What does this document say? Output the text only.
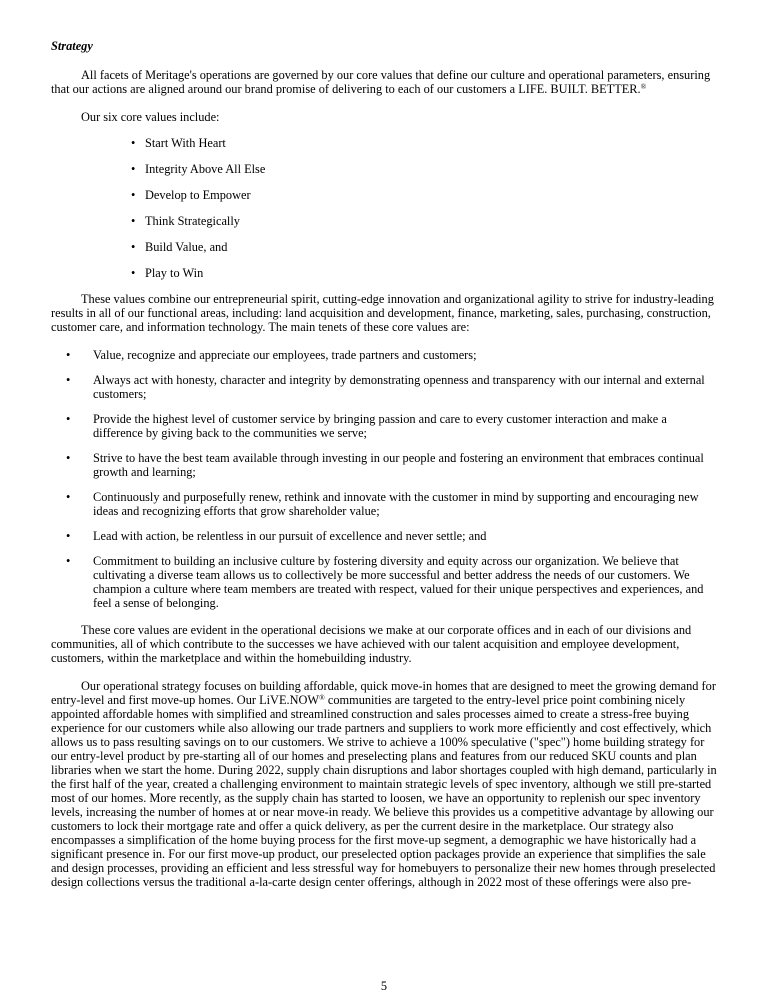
Strategy

All facets of Meritage's operations are governed by our core values that define our culture and operational parameters, ensuring that our actions are aligned around our brand promise of delivering to each of our customers a LIFE. BUILT. BETTER.®

Our six core values include:

• Start With Heart
• Integrity Above All Else
• Develop to Empower
• Think Strategically
• Build Value, and
• Play to Win

These values combine our entrepreneurial spirit, cutting-edge innovation and organizational agility to strive for industry-leading results in all of our functional areas, including: land acquisition and development, finance, marketing, sales, purchasing, construction, customer care, and information technology. The main tenets of these core values are:

• Value, recognize and appreciate our employees, trade partners and customers;
• Always act with honesty, character and integrity by demonstrating openness and transparency with our internal and external customers;
• Provide the highest level of customer service by bringing passion and care to every customer interaction and make a difference by giving back to the communities we serve;
• Strive to have the best team available through investing in our people and fostering an environment that embraces continual growth and learning;
• Continuously and purposefully renew, rethink and innovate with the customer in mind by supporting and encouraging new ideas and recognizing efforts that grow shareholder value;
• Lead with action, be relentless in our pursuit of excellence and never settle; and
• Commitment to building an inclusive culture by fostering diversity and equity across our organization. We believe that cultivating a diverse team allows us to collectively be more successful and better address the needs of our customers. We champion a culture where team members are treated with respect, valued for their unique perspectives and experiences, and feel a sense of belonging.

These core values are evident in the operational decisions we make at our corporate offices and in each of our divisions and communities, all of which contribute to the successes we have achieved with our talent acquisition and employee development, customers, within the marketplace and within the homebuilding industry.

Our operational strategy focuses on building affordable, quick move-in homes that are designed to meet the growing demand for entry-level and first move-up homes. Our LiVE.NOW® communities are targeted to the entry-level price point combining nicely appointed affordable homes with simplified and streamlined construction and sales processes aimed to create a stress-free buying experience for our customers while also allowing our trade partners and suppliers to work more efficiently and cost effectively, which allows us to pass resulting savings on to our customers. We strive to achieve a 100% speculative ("spec") home building strategy for our entry-level product by pre-starting all of our homes and preselecting plans and features from our reduced SKU counts and plan libraries when we start the home. During 2022, supply chain disruptions and labor shortages coupled with high demand, particularly in the first half of the year, created a challenging environment to maintain strategic levels of spec inventory, although we still pre-started most of our homes. More recently, as the supply chain has started to loosen, we have an opportunity to replenish our spec inventory levels, increasing the number of homes at or near move-in ready. We believe this provides us a competitive advantage by allowing our customers to lock their mortgage rate and offer a quick delivery, as per the current desire in the marketplace. Our strategy also encompasses a simplification of the home buying process for the first move-up segment, a demographic we have historically had a significant presence in. For our first move-up product, our preselected option packages provide an experience that simplifies the sale and design processes, providing an efficient and less stressful way for homebuyers to personalize their new homes through preselected design collections versus the traditional a-la-carte design center offerings, although in 2022 most of these offerings were also pre-

5
